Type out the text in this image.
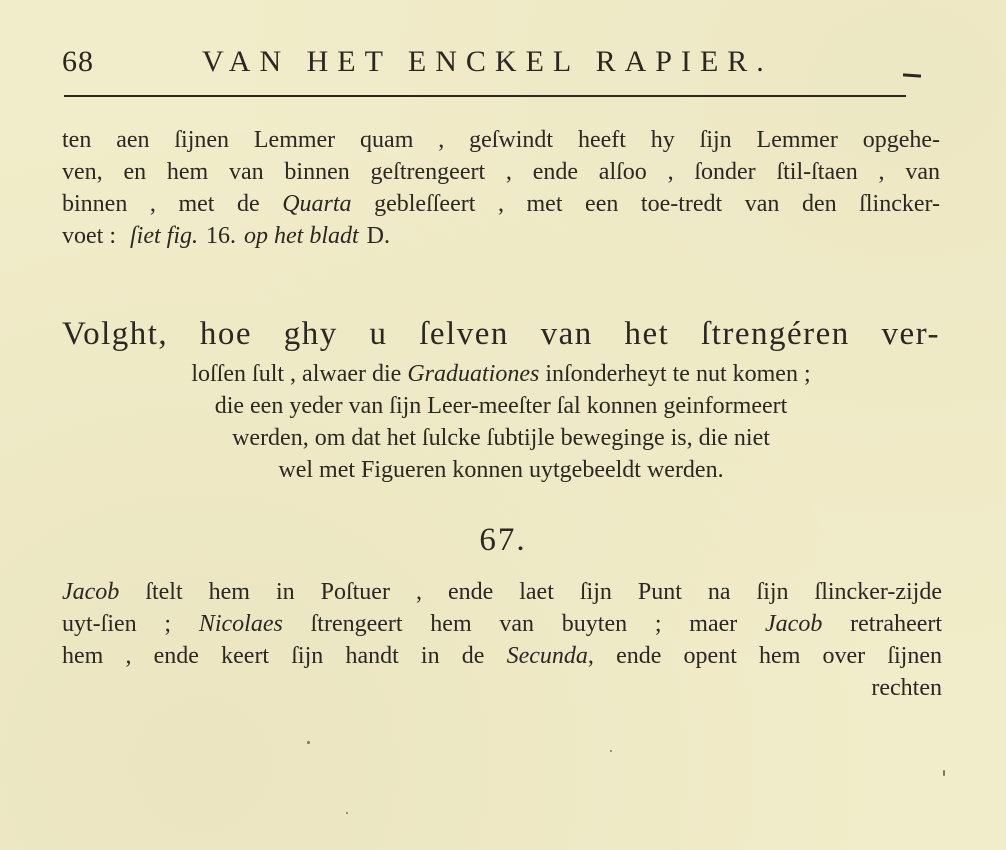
68	VAN HET ENCKEL RAPIER.
ten aen ſijnen Lemmer quam , geſwindt heeft hy ſijn Lemmer opgehe-
ven, en hem van binnen geſtrengeert , ende alſoo , ſonder ſtil-ſtaen , van
binnen , met de Quarta gebleſſeert , met een toe-tredt van den ſlincker-
voet : ſiet fig. 16. op het bladt D.
Volght, hoe ghy u ſelven van het ſtrengéren ver-
loſſen ſult , alwaer die Graduationes inſonderheyt te nut komen ;
die een yeder van ſijn Leer-meeſter ſal konnen geinformeert
werden, om dat het ſulcke ſubtijle beweginge is, die niet
wel met Figueren konnen uytgebeeldt werden.
67.
Jacob ſtelt hem in Poſtuer , ende laet ſijn Punt na ſijn ſlincker-zijde
uyt-ſien ; Nicolaes ſtrengeert hem van buyten ; maer Jacob retraheert
hem , ende keert ſijn handt in de Secunda, ende opent hem over ſijnen
rechten
